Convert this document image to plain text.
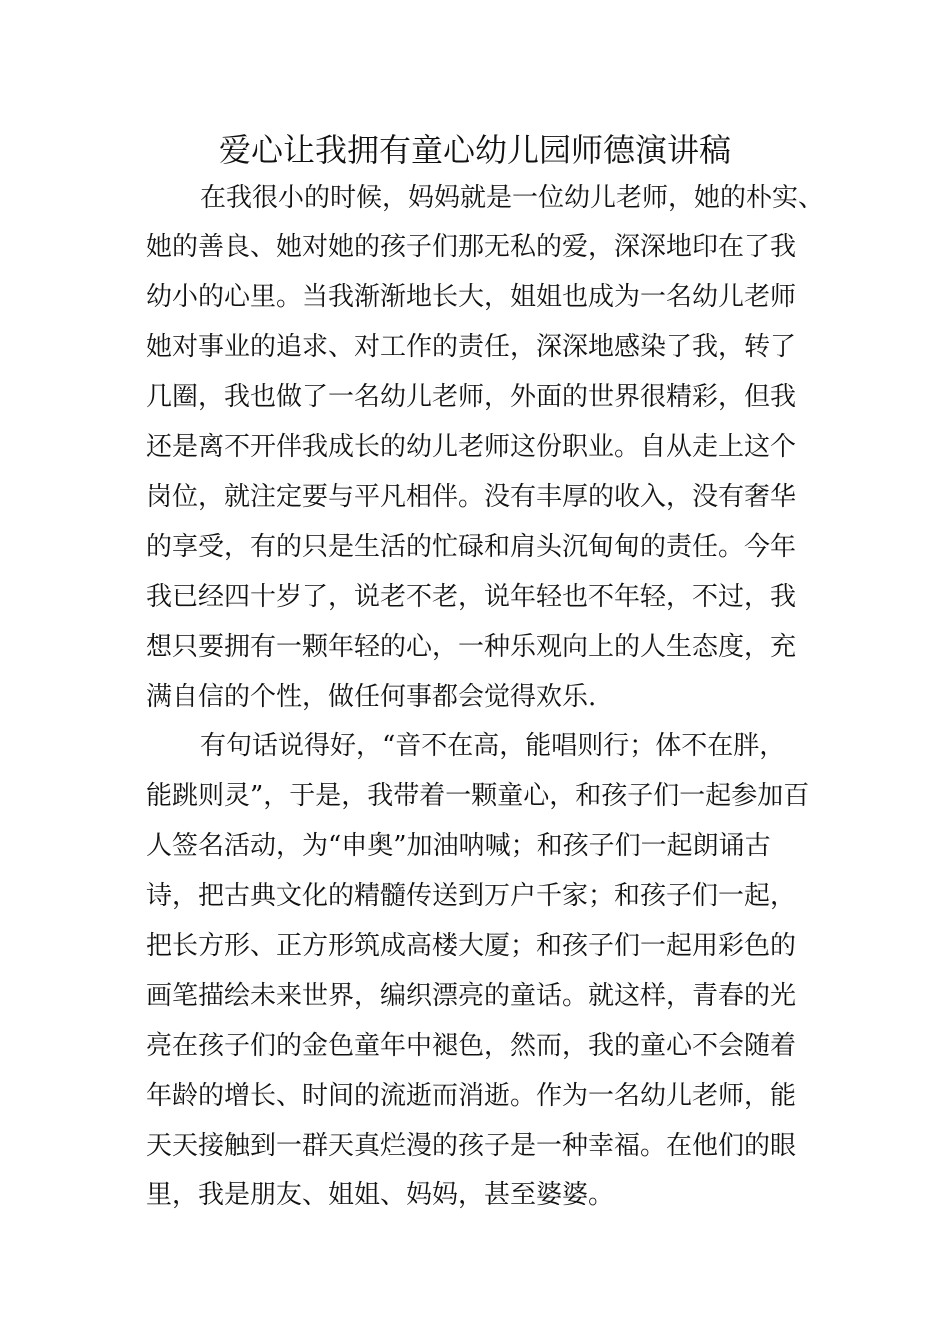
爱心让我拥有童心幼儿园师德演讲稿
在我很小的时候，妈妈就是一位幼儿老师，她的朴实、
她的善良、她对她的孩子们那无私的爱，深深地印在了我
幼小的心里。当我渐渐地长大，姐姐也成为一名幼儿老师
她对事业的追求、对工作的责任，深深地感染了我，转了
几圈，我也做了一名幼儿老师，外面的世界很精彩，但我
还是离不开伴我成长的幼儿老师这份职业。自从走上这个
岗位，就注定要与平凡相伴。没有丰厚的收入，没有奢华
的享受，有的只是生活的忙碌和肩头沉甸甸的责任。今年
我已经四十岁了，说老不老，说年轻也不年轻，不过，我
想只要拥有一颗年轻的心，一种乐观向上的人生态度，充
满自信的个性，做任何事都会觉得欢乐.
有句话说得好，“音不在高，能唱则行；体不在胖，
能跳则灵”，于是，我带着一颗童心，和孩子们一起参加百
人签名活动，为“申奥”加油呐喊；和孩子们一起朗诵古
诗，把古典文化的精髓传送到万户千家；和孩子们一起，
把长方形、正方形筑成高楼大厦；和孩子们一起用彩色的
画笔描绘未来世界，编织漂亮的童话。就这样，青春的光
亮在孩子们的金色童年中褪色，然而，我的童心不会随着
年龄的增长、时间的流逝而消逝。作为一名幼儿老师，能
天天接触到一群天真烂漫的孩子是一种幸福。在他们的眼
里，我是朋友、姐姐、妈妈，甚至婆婆。
